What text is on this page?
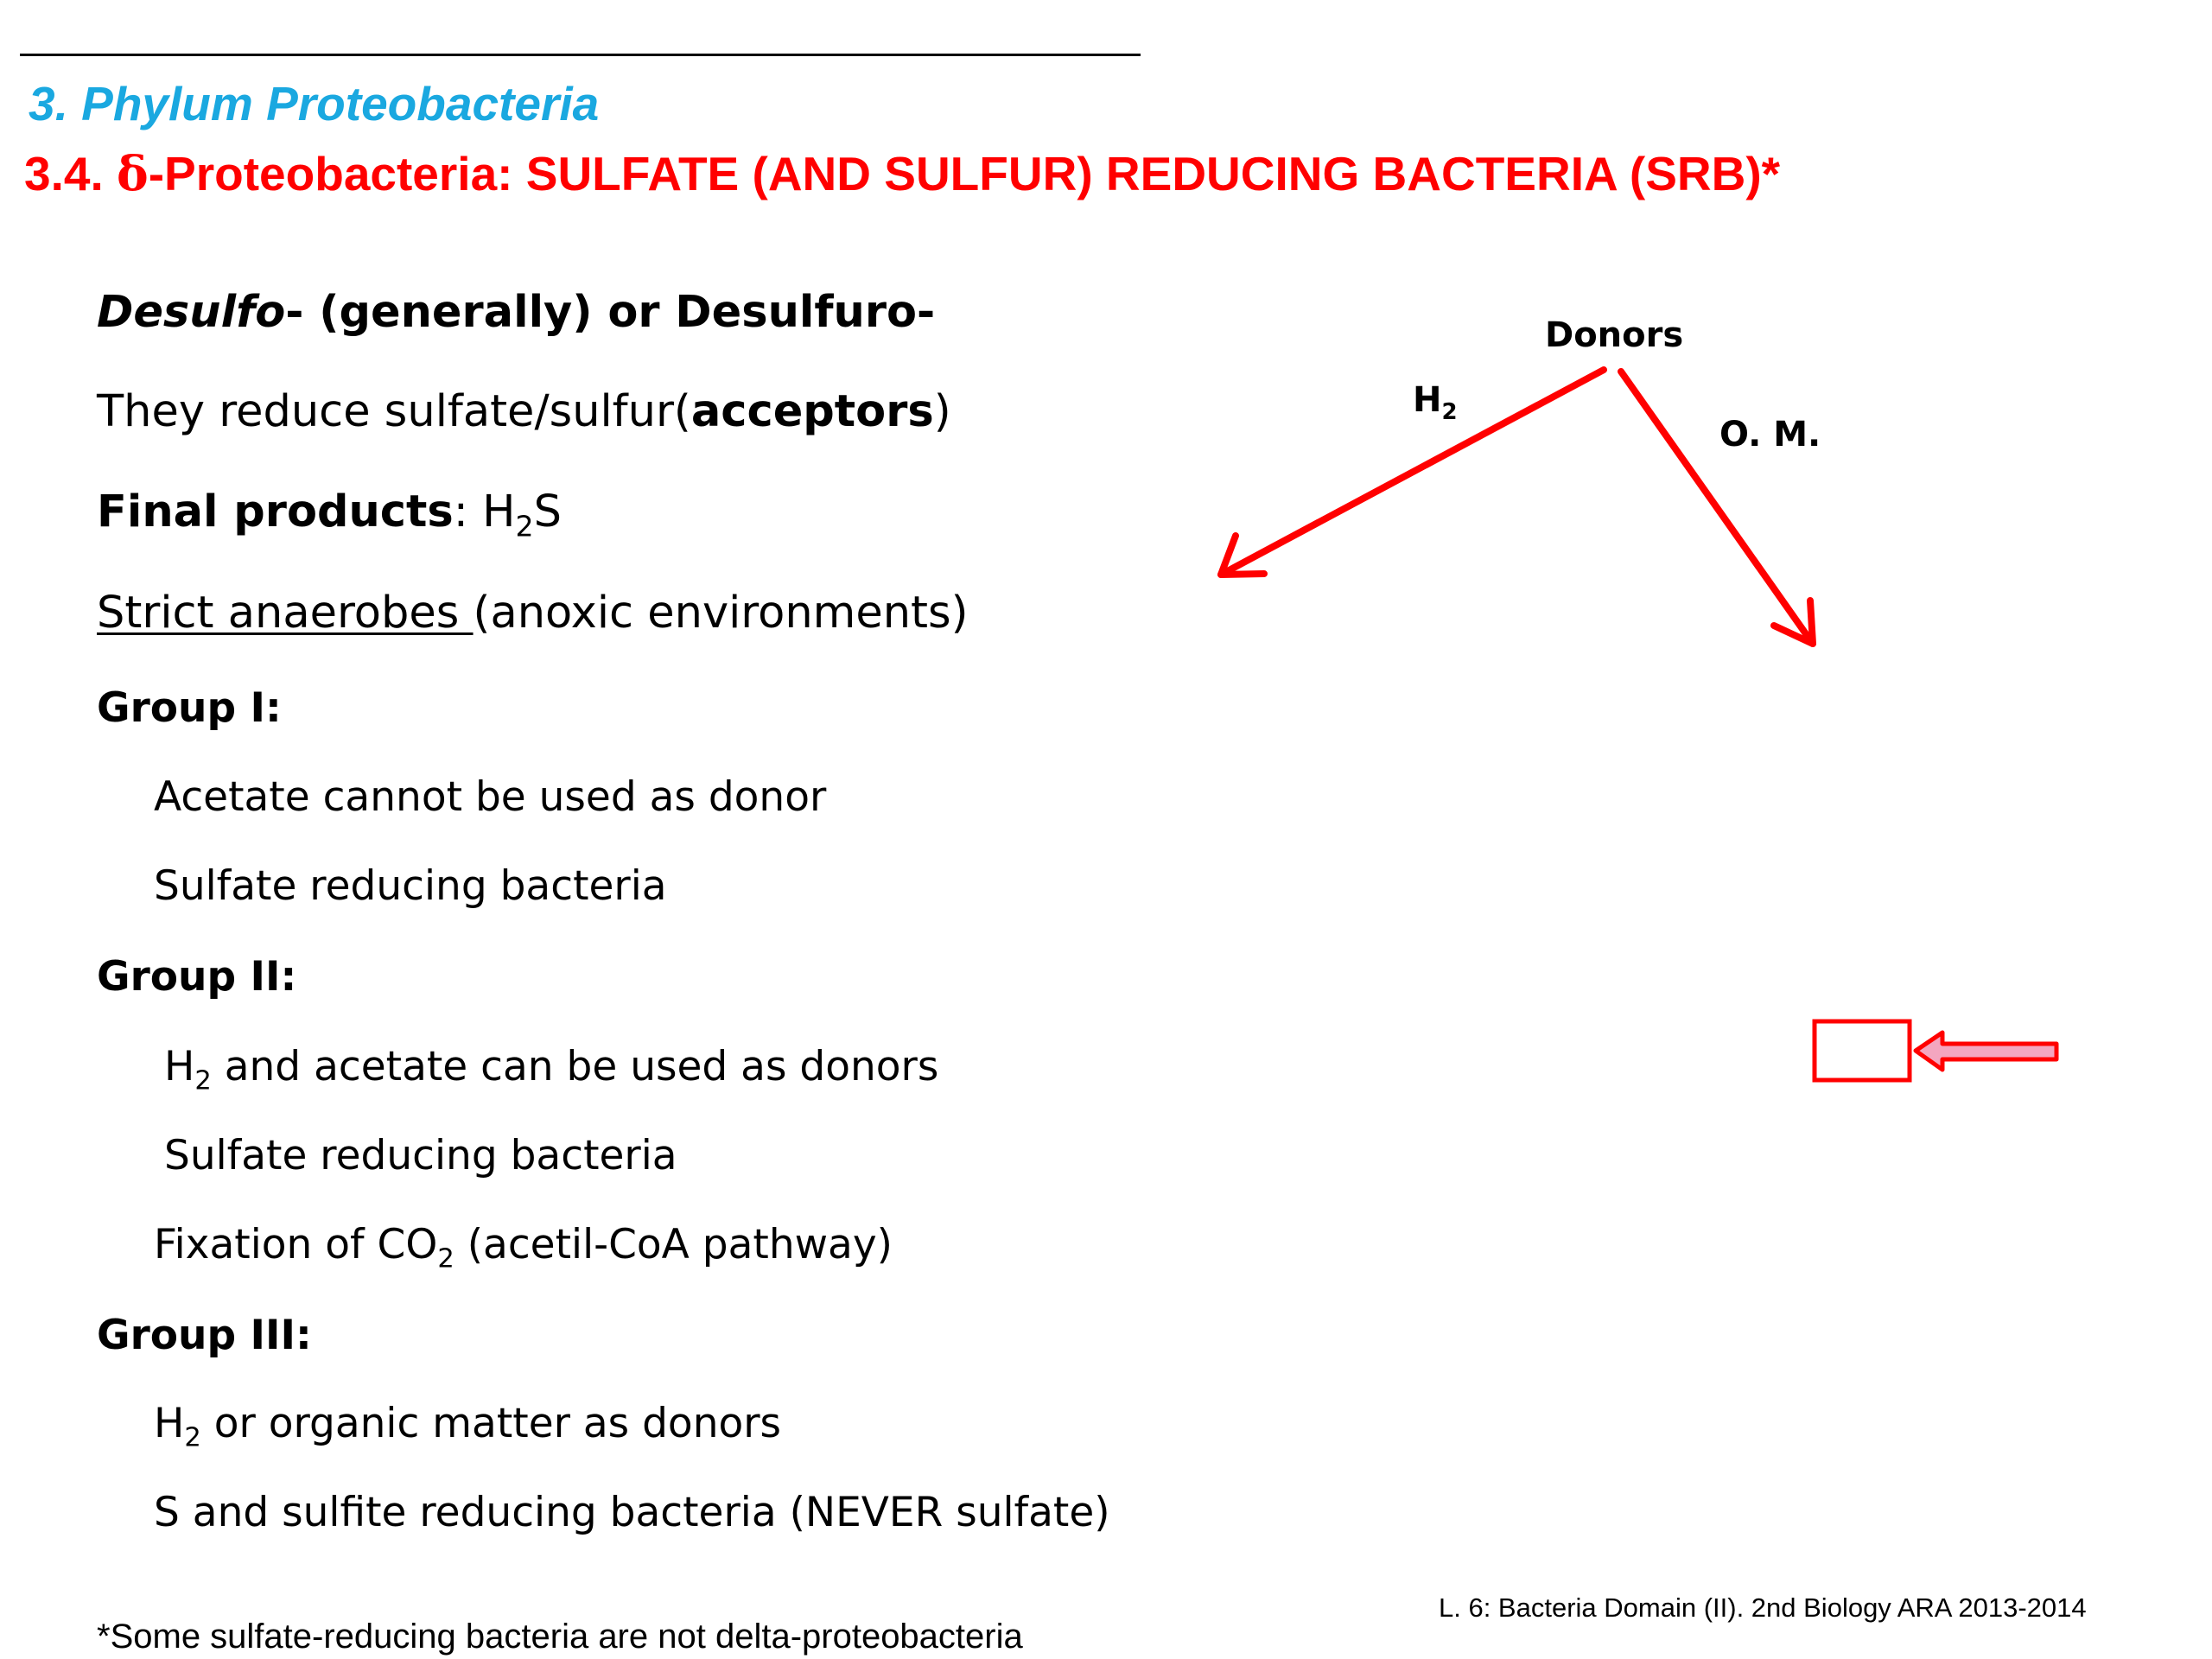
3. Phylum Proteobacteria
3.4. δ-Proteobacteria: SULFATE (AND SULFUR) REDUCING BACTERIA (SRB)*
Desulfo- (generally) or Desulfuro-
They reduce sulfate/sulfur(acceptors)
Final products: $H_2S$
Strict anaerobes (anoxic environments)
Group I:
Acetate cannot be used as donor
Sulfate reducing bacteria
Group II:
$H_2$ and acetate can be used as donors
Sulfate reducing bacteria
Fixation of $CO_2$ (acetil-CoA pathway)
Group III:
$H_2$ or organic matter as donors
S and sulfite reducing bacteria (NEVER sulfate)
L. 6: Bacteria Domain (II). 2nd Biology ARA 2013-2014
*Some sulfate-reducing bacteria are not delta-proteobacteria
Donors
$H_2$
O. M.
